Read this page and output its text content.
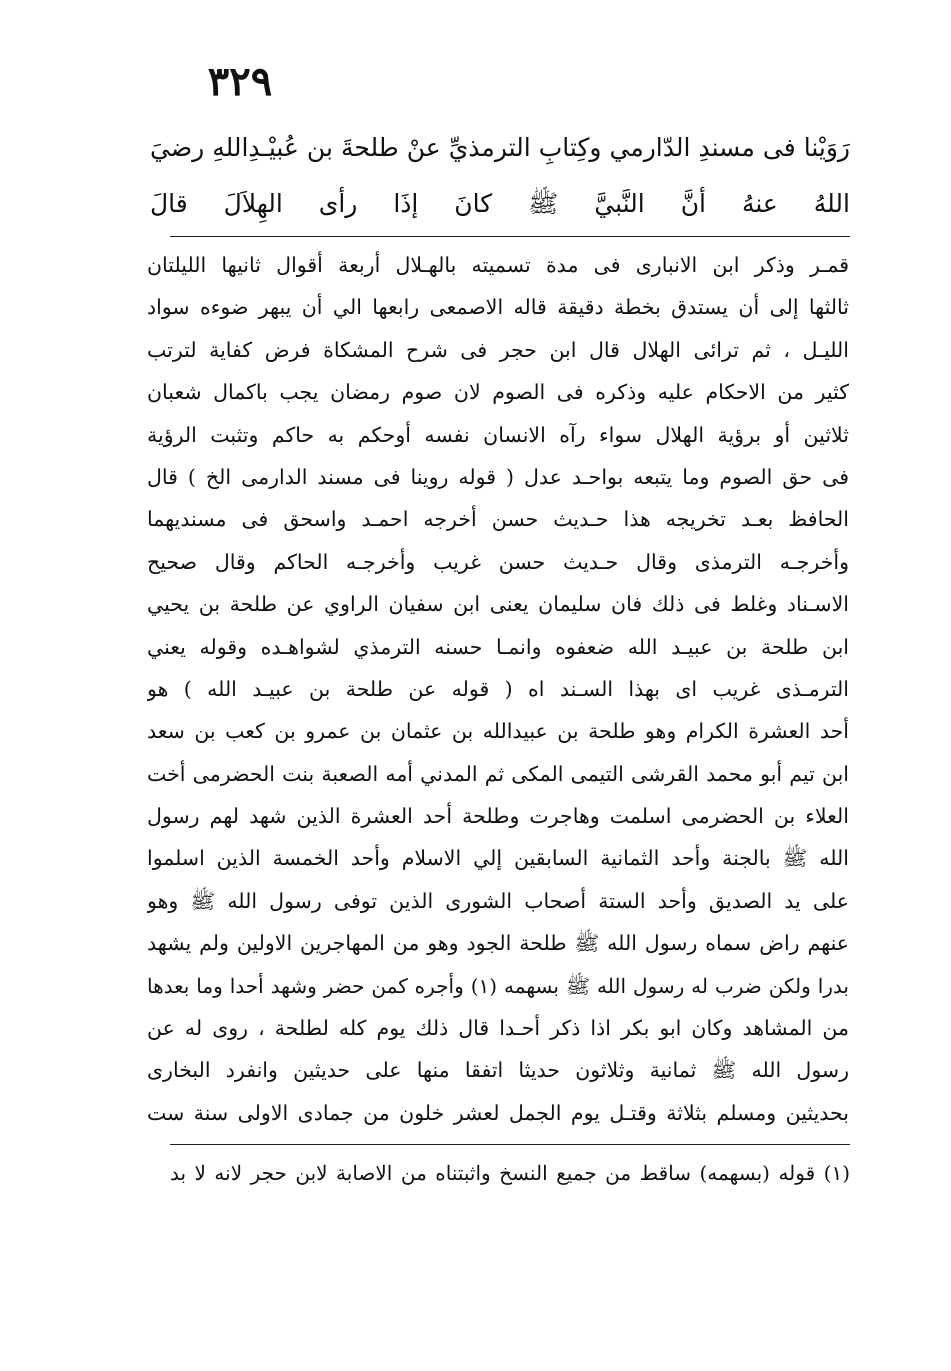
٣٢٩
رَوَيْنا فى مسندِ الدّارمي وكِتابِ الترمذيِّ عنْ طلحةَ بن عُبيْـدِاللهِ رضيَ
اللهُ عنهُ أنَّ النَّبيَّ ﷺ كانَ إذَا رأى الهِلاَلَ قالَ
قمـر وذكر ابن الانبارى فى مدة تسميته بالهـلال أربعة أقوال ثانيها الليلتان
ثالثها إلى أن يستدق بخطة دقيقة قاله الاصمعى رابعها الي أن يبهر ضوءه سواد
الليـل ، ثم ترائى الهلال قال ابن حجر فى شرح المشكاة فرض كفاية لترتب
كثير من الاحكام عليه وذكره فى الصوم لان صوم رمضان يجب باكمال شعبان
ثلاثين أو برؤية الهلال سواء رآه الانسان نفسه أوحكم به حاكم وتثبت الرؤية
فى حق الصوم وما يتبعه بواحـد عدل ( قوله روينا فى مسند الدارمى الخ ) قال
الحافظ بعـد تخريجه هذا حـديث حسن أخرجه احمـد واسحق فى مسنديهما
وأخرجـه الترمذى وقال حـديث حسن غريب وأخرجـه الحاكم وقال صحيح
الاسـناد وغلط فى ذلك فان سليمان يعنى ابن سفيان الراوي عن طلحة بن يحيي
ابن طلحة بن عبيـد الله ضعفوه وانمـا حسنه الترمذي لشواهـده وقوله يعني
الترمـذى غريب اى بهذا السـند اه ( قوله عن طلحة بن عبيـد الله ) هو
أحد العشرة الكرام وهو طلحة بن عبيدالله بن عثمان بن عمرو بن كعب بن سعد
ابن تيم أبو محمد القرشى التيمى المكى ثم المدني أمه الصعبة بنت الحضرمى أخت
العلاء بن الحضرمى اسلمت وهاجرت وطلحة أحد العشرة الذين شهد لهم رسول
الله ﷺ بالجنة وأحد الثمانية السابقين إلي الاسلام وأحد الخمسة الذين اسلموا
على يد الصديق وأحد الستة أصحاب الشورى الذين توفى رسول الله ﷺ وهو
عنهم راض سماه رسول الله ﷺ طلحة الجود وهو من المهاجرين الاولين ولم يشهد
بدرا ولكن ضرب له رسول الله ﷺ بسهمه (١) وأجره كمن حضر وشهد أحدا وما بعدها
من المشاهد وكان ابو بكر اذا ذكر أحـدا قال ذلك يوم كله لطلحة ، روى له عن
رسول الله ﷺ ثمانية وثلاثون حديثا اتفقا منها على حديثين وانفرد البخارى
بحديثين ومسلم بثلاثة وقتـل يوم الجمل لعشر خلون من جمادى الاولى سنة ست
(١) قوله (بسهمه) ساقط من جميع النسخ واثبتناه من الاصابة لابن حجر لانه لا بد
